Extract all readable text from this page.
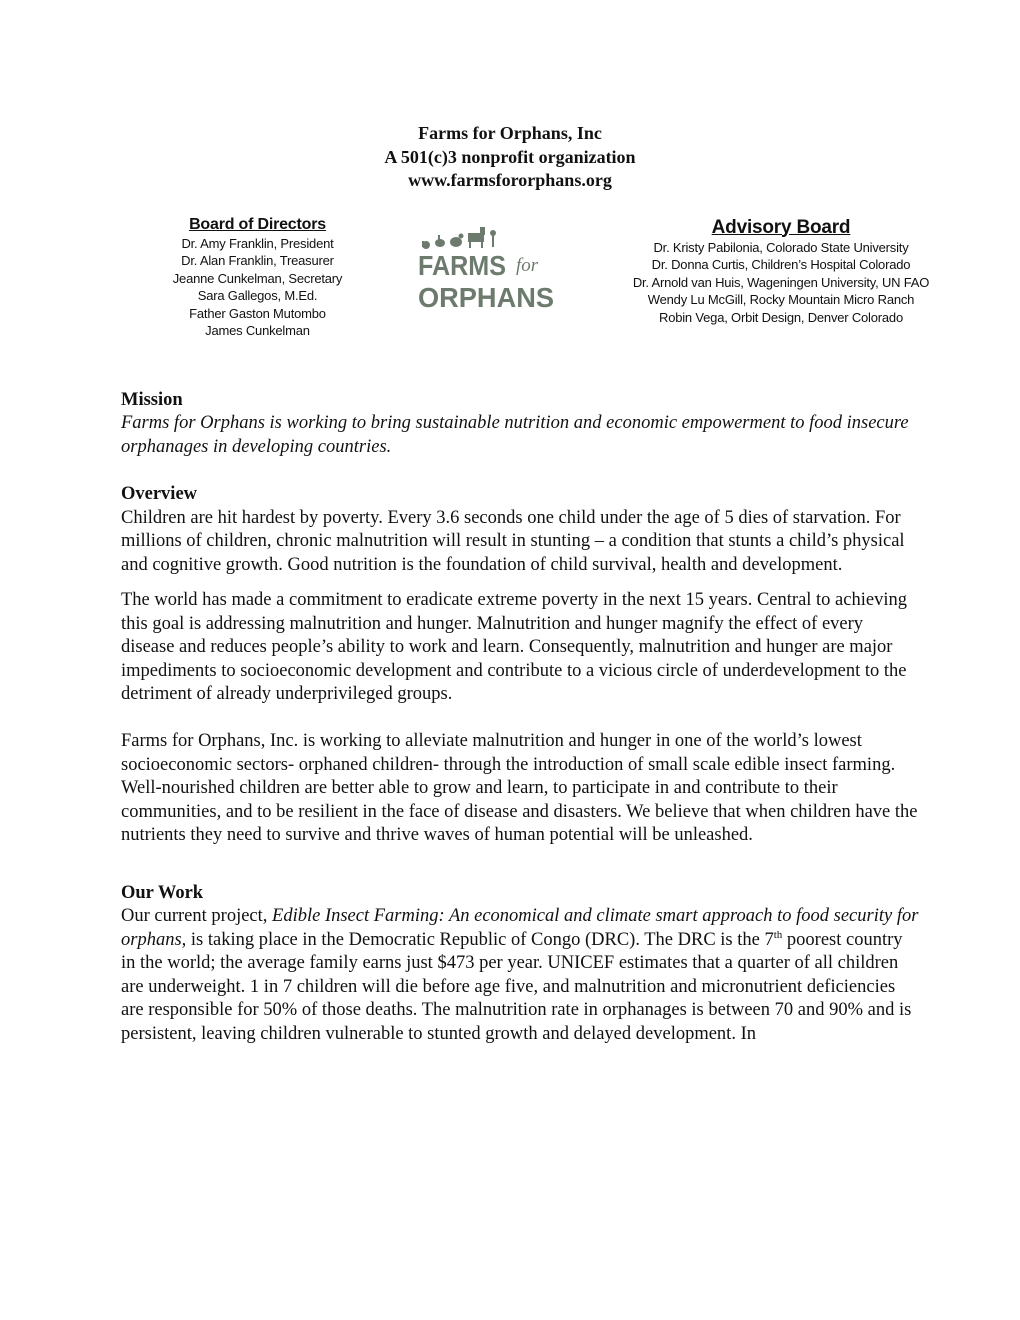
Farms for Orphans, Inc
A 501(c)3 nonprofit organization
www.farmsfororphans.org
Board of Directors
Dr. Amy Franklin, President
Dr. Alan Franklin, Treasurer
Jeanne Cunkelman, Secretary
Sara Gallegos, M.Ed.
Father Gaston Mutombo
James Cunkelman
FARMS for
ORPHANS
Advisory Board
Dr. Kristy Pabilonia, Colorado State University
Dr. Donna Curtis, Children’s Hospital Colorado
Dr. Arnold van Huis, Wageningen University, UN FAO
Wendy Lu McGill, Rocky Mountain Micro Ranch
Robin Vega, Orbit Design, Denver Colorado
Mission

Farms for Orphans is working to bring sustainable nutrition and economic empowerment to food insecure orphanages in developing countries.

Overview

Children are hit hardest by poverty. Every 3.6 seconds one child under the age of 5 dies of starvation. For millions of children, chronic malnutrition will result in stunting – a condition that stunts a child’s physical and cognitive growth. Good nutrition is the foundation of child survival, health and development.

The world has made a commitment to eradicate extreme poverty in the next 15 years. Central to achieving this goal is addressing malnutrition and hunger. Malnutrition and hunger magnify the effect of every disease and reduces people’s ability to work and learn. Consequently, malnutrition and hunger are major impediments to socioeconomic development and contribute to a vicious circle of underdevelopment to the detriment of already underprivileged groups.

Farms for Orphans, Inc. is working to alleviate malnutrition and hunger in one of the world’s lowest socioeconomic sectors- orphaned children- through the introduction of small scale edible insect farming. Well-nourished children are better able to grow and learn, to participate in and contribute to their communities, and to be resilient in the face of disease and disasters. We believe that when children have the nutrients they need to survive and thrive waves of human potential will be unleashed.

Our Work

Our current project, Edible Insect Farming: An economical and climate smart approach to food security for orphans, is taking place in the Democratic Republic of Congo (DRC). The DRC is the 7th poorest country in the world; the average family earns just $473 per year. UNICEF estimates that a quarter of all children are underweight. 1 in 7 children will die before age five, and malnutrition and micronutrient deficiencies are responsible for 50% of those deaths. The malnutrition rate in orphanages is between 70 and 90% and is persistent, leaving children vulnerable to stunted growth and delayed development. In
